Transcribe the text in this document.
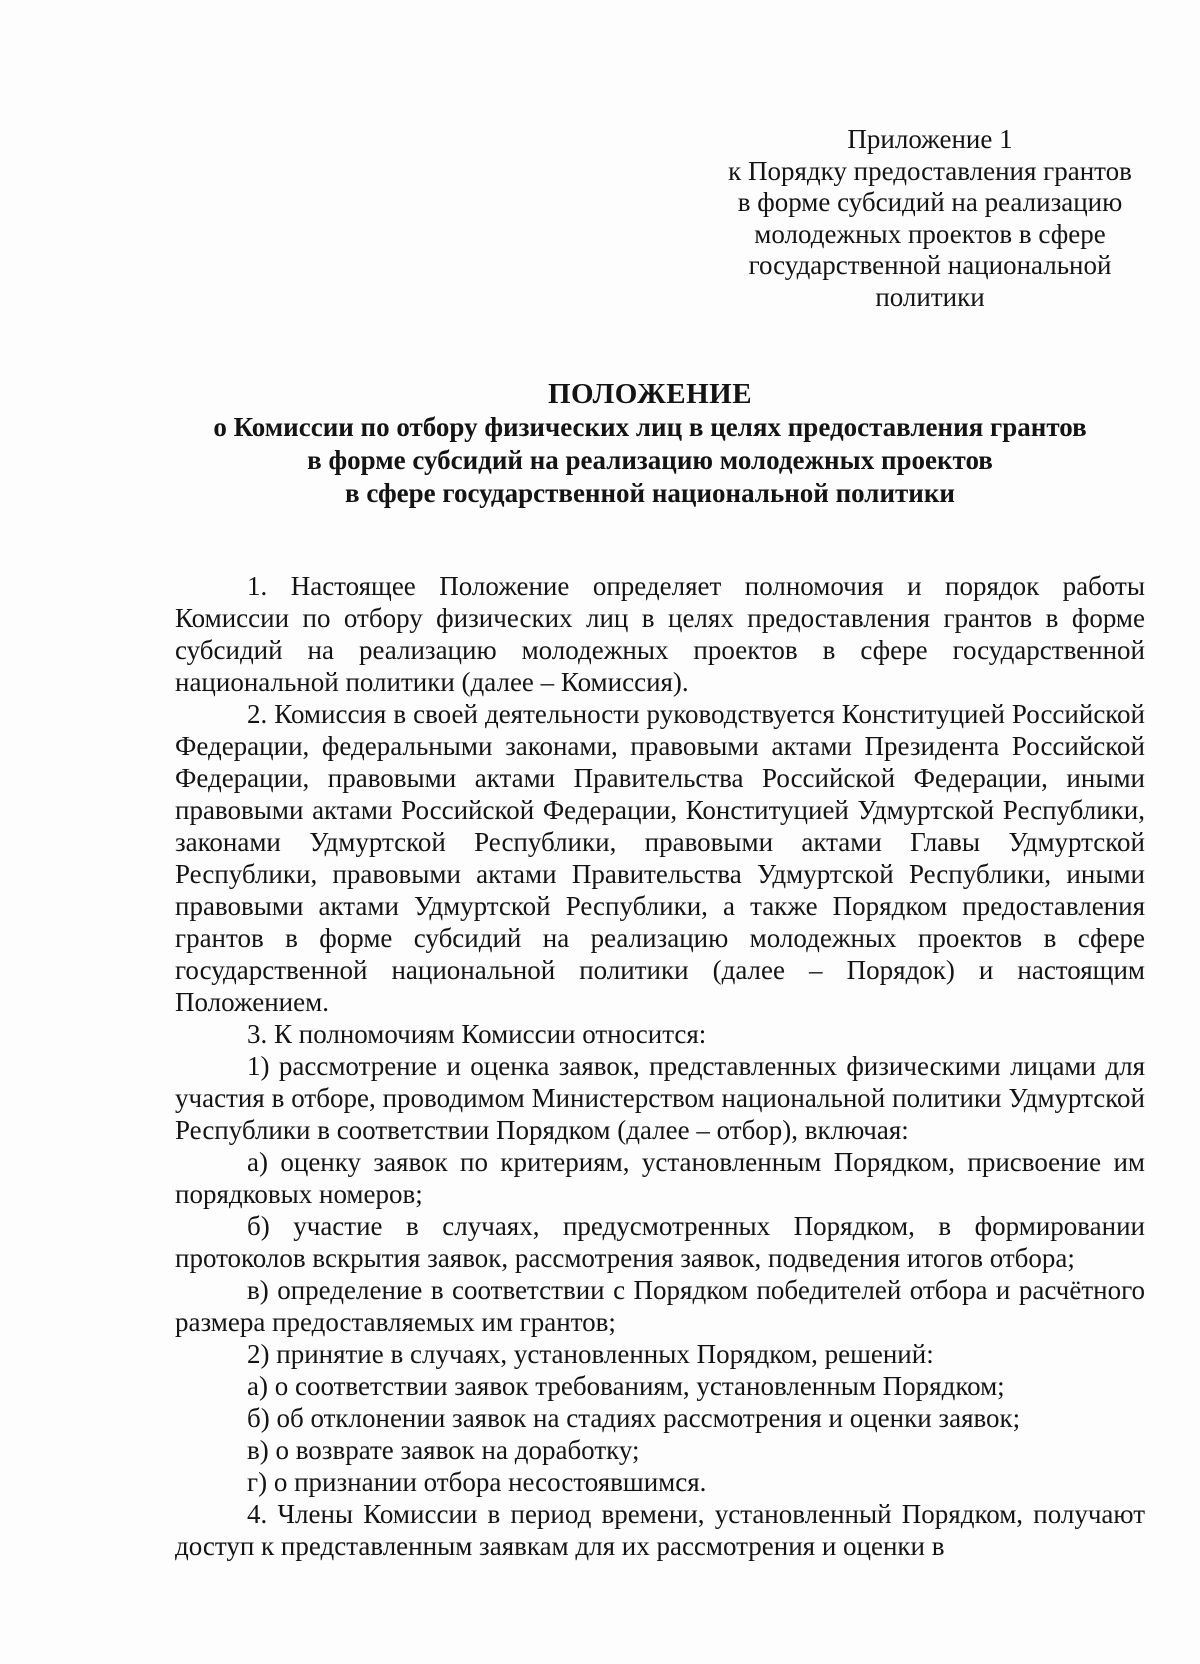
Приложение 1
к Порядку предоставления грантов
в форме субсидий на реализацию
молодежных проектов в сфере
государственной национальной
политики
ПОЛОЖЕНИЕ
о Комиссии по отбору физических лиц в целях предоставления грантов
в форме субсидий на реализацию молодежных проектов
в сфере государственной национальной политики

1. Настоящее Положение определяет полномочия и порядок работы Комиссии по отбору физических лиц в целях предоставления грантов в форме субсидий на реализацию молодежных проектов в сфере государственной национальной политики (далее – Комиссия).

2. Комиссия в своей деятельности руководствуется Конституцией Российской Федерации, федеральными законами, правовыми актами Президента Российской Федерации, правовыми актами Правительства Российской Федерации, иными правовыми актами Российской Федерации, Конституцией Удмуртской Республики, законами Удмуртской Республики, правовыми актами Главы Удмуртской Республики, правовыми актами Правительства Удмуртской Республики, иными правовыми актами Удмуртской Республики, а также Порядком предоставления грантов в форме субсидий на реализацию молодежных проектов в сфере государственной национальной политики (далее – Порядок) и настоящим Положением.

3. К полномочиям Комиссии относится:

1) рассмотрение и оценка заявок, представленных физическими лицами для участия в отборе, проводимом Министерством национальной политики Удмуртской Республики в соответствии Порядком (далее – отбор), включая:

а) оценку заявок по критериям, установленным Порядком, присвоение им порядковых номеров;

б) участие в случаях, предусмотренных Порядком, в формировании протоколов вскрытия заявок, рассмотрения заявок, подведения итогов отбора;

в) определение в соответствии с Порядком победителей отбора и расчётного размера предоставляемых им грантов;

2) принятие в случаях, установленных Порядком, решений:

а) о соответствии заявок требованиям, установленным Порядком;

б) об отклонении заявок на стадиях рассмотрения и оценки заявок;

в) о возврате заявок на доработку;

г) о признании отбора несостоявшимся.

4. Члены Комиссии в период времени, установленный Порядком, получают доступ к представленным заявкам для их рассмотрения и оценки в
